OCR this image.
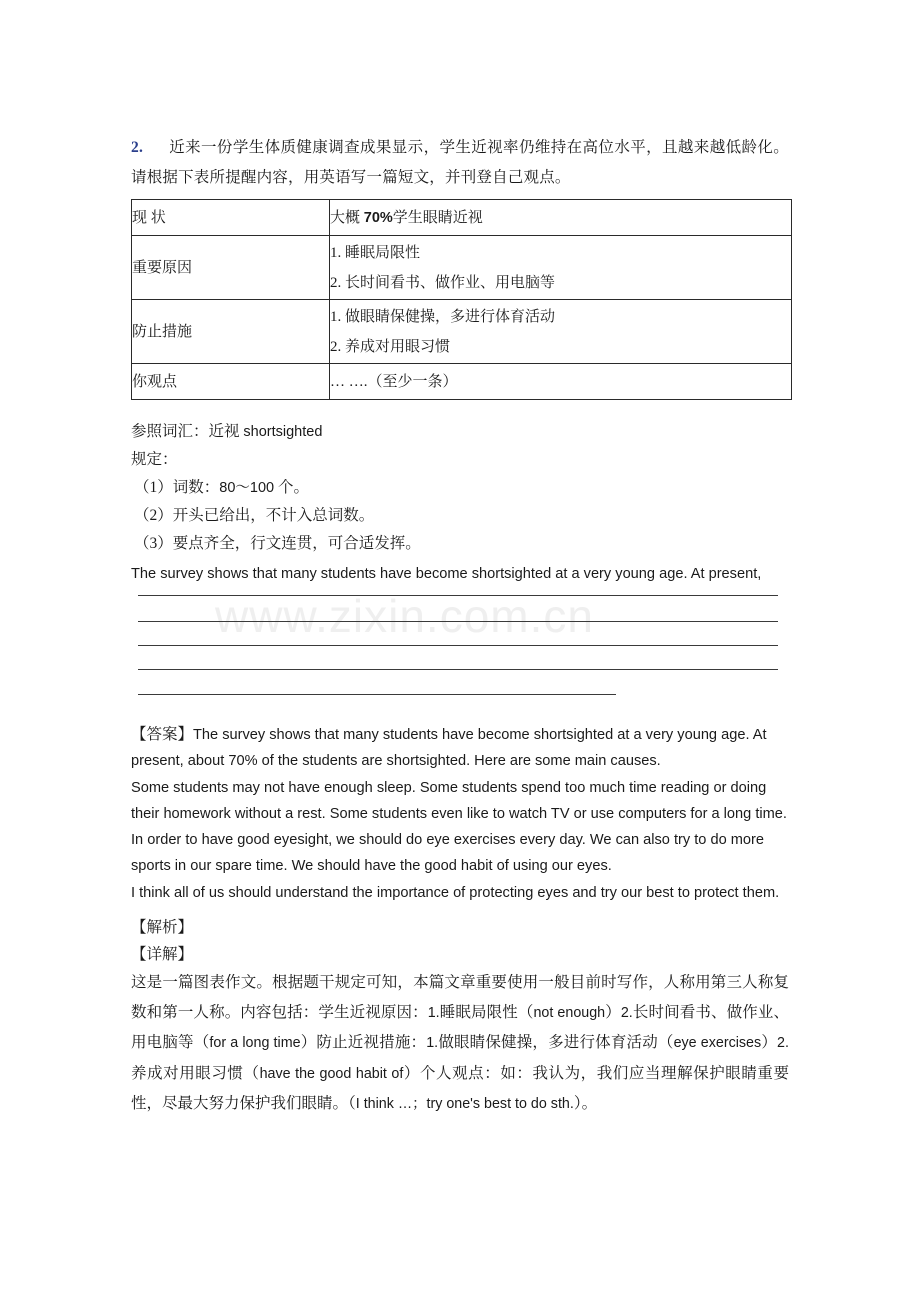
2. 近来一份学生体质健康调查成果显示，学生近视率仍维持在高位水平，且越来越低龄化。请根据下表所提醒内容，用英语写一篇短文，并刊登自己观点。

现 状	大概 70%学生眼睛近视

重要原因	1. 睡眠局限性
2. 长时间看书、做作业、用电脑等

防止措施	1. 做眼睛保健操，多进行体育活动
2. 养成对用眼习惯

你观点	… ….（至少一条）
参照词汇：近视 shortsighted
规定：
（1）词数：80～100 个。
（2）开头已给出，不计入总词数。
（3）要点齐全，行文连贯，可合适发挥。
The survey shows that many students have become shortsighted at a very young age. At present,
www.zixin.com.cn

【答案】The survey shows that many students have become shortsighted at a very young age. At present, about 70% of the students are shortsighted. Here are some main causes.

Some students may not have enough sleep. Some students spend too much time reading or doing their homework without a rest. Some students even like to watch TV or use computers for a long time.

In order to have good eyesight, we should do eye exercises every day. We can also try to do more sports in our spare time. We should have the good habit of using our eyes.

I think all of us should understand the importance of protecting eyes and try our best to protect them.

【解析】

【详解】

这是一篇图表作文。根据题干规定可知，本篇文章重要使用一般目前时写作，人称用第三人称复数和第一人称。内容包括：学生近视原因：1.睡眠局限性（not enough）2.长时间看书、做作业、用电脑等（for a long time）防止近视措施：1.做眼睛保健操，多进行体育活动（eye exercises）2.养成对用眼习惯（have the good habit of）个人观点：如：我认为，我们应当理解保护眼睛重要性，尽最大努力保护我们眼睛。（I think …；try one's best to do sth.）。
